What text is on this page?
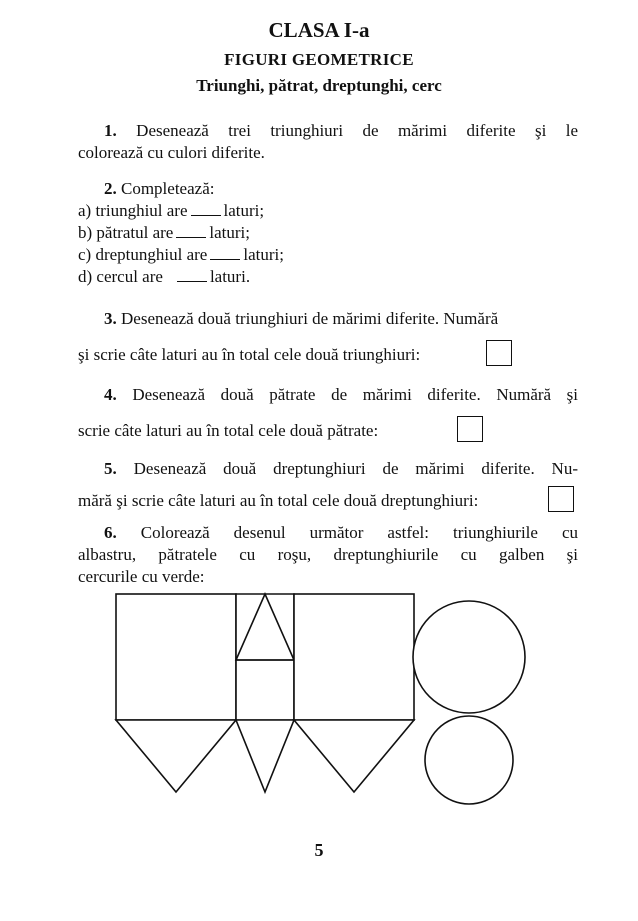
CLASA I-a
FIGURI GEOMETRICE
Triunghi, pătrat, dreptunghi, cerc
1. Desenează trei triunghiuri de mărimi diferite şi le
colorează cu culori diferite.
2. Completează:
a) triunghiul are laturi;
b) pătratul are laturi;
c) dreptunghiul are laturi;
d) cercul are	laturi.
3. Desenează două triunghiuri de mărimi diferite. Numără
şi scrie câte laturi au în total cele două triunghiuri:
4. Desenează două pătrate de mărimi diferite. Numără şi
scrie câte laturi au în total cele două pătrate:
5. Desenează două dreptunghiuri de mărimi diferite. Nu-
mără şi scrie câte laturi au în total cele două dreptunghiuri:
6. Colorează desenul următor astfel: triunghiurile cu
albastru, pătratele cu roşu, dreptunghiurile cu galben şi
cercurile cu verde:
5
